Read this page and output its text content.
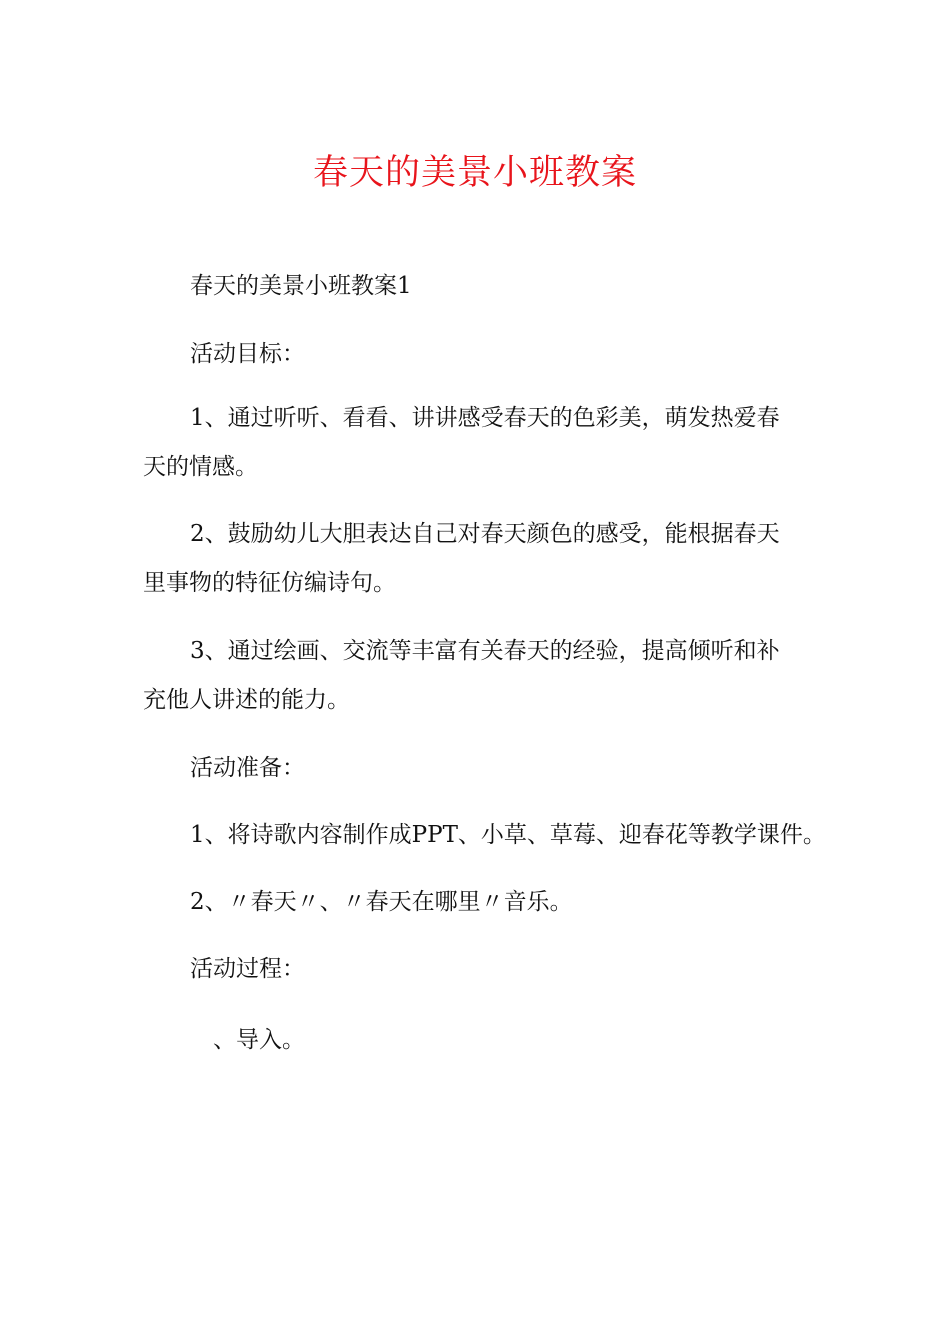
春天的美景小班教案

春天的美景小班教案1

活动目标：

1、通过听听、看看、讲讲感受春天的色彩美，萌发热爱春

天的情感。

2、鼓励幼儿大胆表达自己对春天颜色的感受，能根据春天

里事物的特征仿编诗句。

3、通过绘画、交流等丰富有关春天的经验，提高倾听和补

充他人讲述的能力。

活动准备：

1、将诗歌内容制作成PPT、小草、草莓、迎春花等教学课件。

2、〃春天〃、〃春天在哪里〃音乐。

活动过程：

、导入。
